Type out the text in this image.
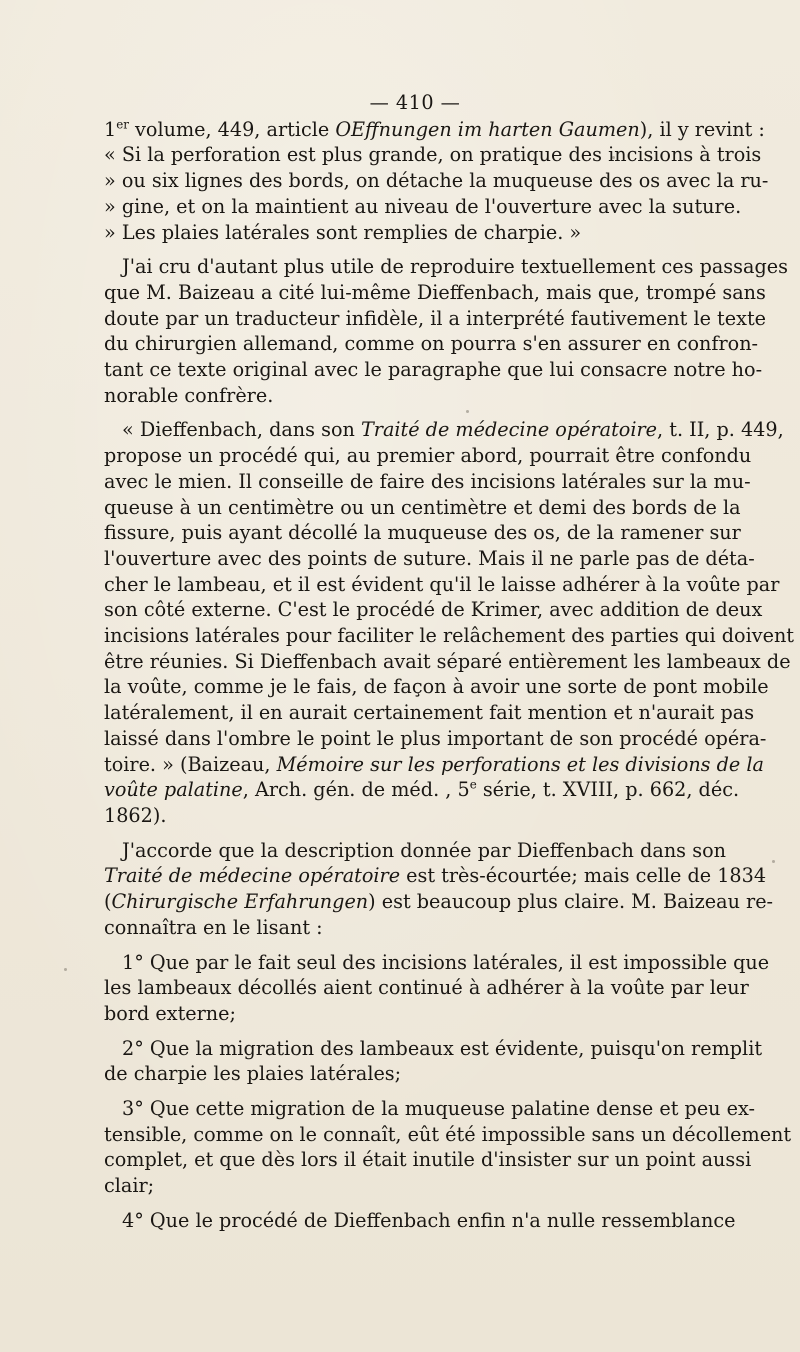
— 410 —

1er volume, 449, article OEffnungen im harten Gaumen), il y revint :
« Si la perforation est plus grande, on pratique des incisions à trois
» ou six lignes des bords, on détache la muqueuse des os avec la ru-
» gine, et on la maintient au niveau de l'ouverture avec la suture.
» Les plaies latérales sont remplies de charpie. »

J'ai cru d'autant plus utile de reproduire textuellement ces passages
que M. Baizeau a cité lui-même Dieffenbach, mais que, trompé sans
doute par un traducteur infidèle, il a interprété fautivement le texte
du chirurgien allemand, comme on pourra s'en assurer en confron-
tant ce texte original avec le paragraphe que lui consacre notre ho-
norable confrère.

« Dieffenbach, dans son Traité de médecine opératoire, t. II, p. 449,
propose un procédé qui, au premier abord, pourrait être confondu
avec le mien. Il conseille de faire des incisions latérales sur la mu-
queuse à un centimètre ou un centimètre et demi des bords de la
fissure, puis ayant décollé la muqueuse des os, de la ramener sur
l'ouverture avec des points de suture. Mais il ne parle pas de déta-
cher le lambeau, et il est évident qu'il le laisse adhérer à la voûte par
son côté externe. C'est le procédé de Krimer, avec addition de deux
incisions latérales pour faciliter le relâchement des parties qui doivent
être réunies. Si Dieffenbach avait séparé entièrement les lambeaux de
la voûte, comme je le fais, de façon à avoir une sorte de pont mobile
latéralement, il en aurait certainement fait mention et n'aurait pas
laissé dans l'ombre le point le plus important de son procédé opéra-
toire. » (Baizeau, Mémoire sur les perforations et les divisions de la
voûte palatine, Arch. gén. de méd. , 5e série, t. XVIII, p. 662, déc.
1862).

J'accorde que la description donnée par Dieffenbach dans son
Traité de médecine opératoire est très-écourtée; mais celle de 1834
(Chirurgische Erfahrungen) est beaucoup plus claire. M. Baizeau re-
connaîtra en le lisant :

1° Que par le fait seul des incisions latérales, il est impossible que
les lambeaux décollés aient continué à adhérer à la voûte par leur
bord externe;

2° Que la migration des lambeaux est évidente, puisqu'on remplit
de charpie les plaies latérales;

3° Que cette migration de la muqueuse palatine dense et peu ex-
tensible, comme on le connaît, eût été impossible sans un décollement
complet, et que dès lors il était inutile d'insister sur un point aussi
clair;

4° Que le procédé de Dieffenbach enfin n'a nulle ressemblance
